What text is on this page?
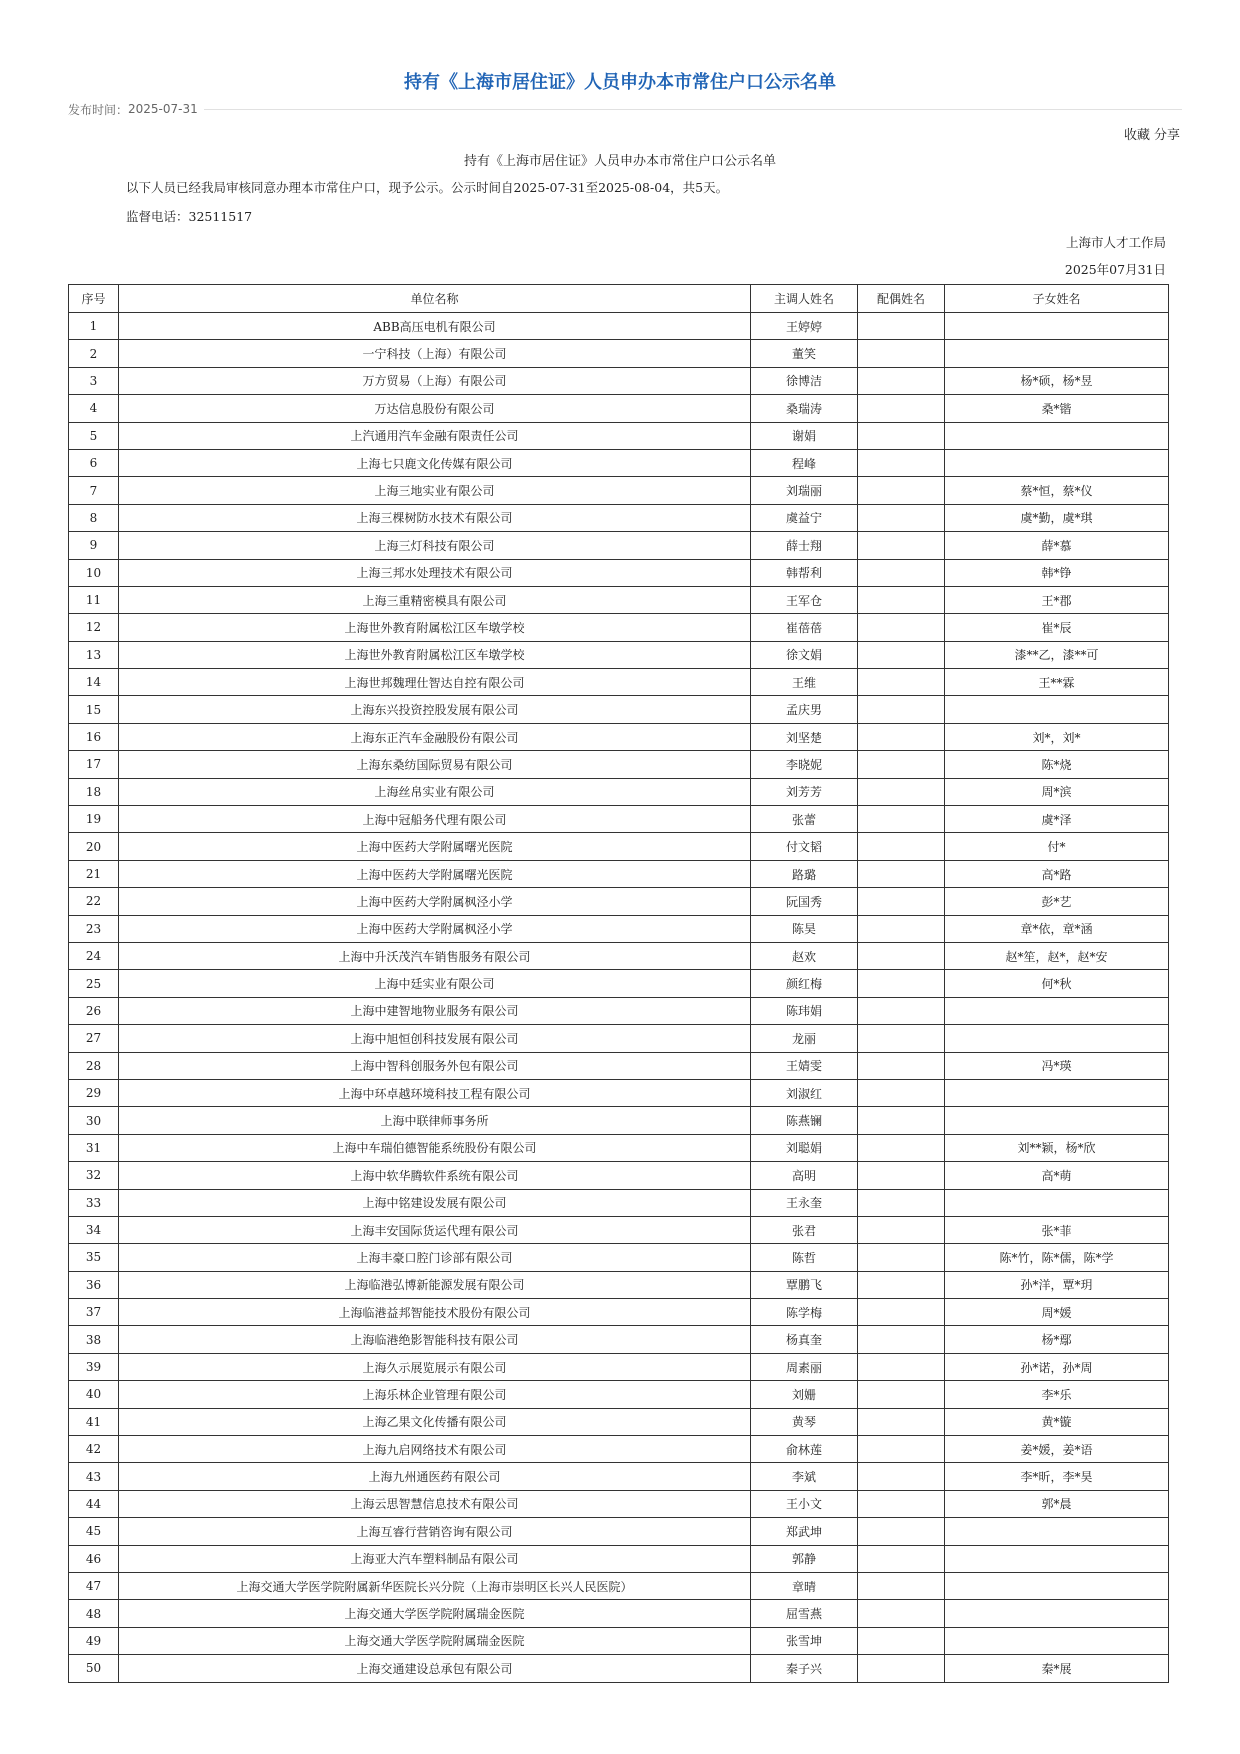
持有《上海市居住证》人员申办本市常住户口公示名单
发布时间： 2025-07-31
收藏 分享
持有《上海市居住证》人员申办本市常住户口公示名单
以下人员已经我局审核同意办理本市常住户口，现予公示。公示时间自2025-07-31至2025-08-04，共5天。
监督电话：32511517
上海市人才工作局
2025年07月31日
序号	单位名称	主调人姓名	配偶姓名	子女姓名
1	ABB高压电机有限公司	王婷婷		
2	一宁科技（上海）有限公司	董笑		
3	万方贸易（上海）有限公司	徐博洁		杨*硕，杨*昱
4	万达信息股份有限公司	桑瑞涛		桑*锴
5	上汽通用汽车金融有限责任公司	谢娟		
6	上海七只鹿文化传媒有限公司	程峰		
7	上海三地实业有限公司	刘瑞丽		蔡*恒，蔡*仪
8	上海三棵树防水技术有限公司	虞益宁		虞*勤，虞*琪
9	上海三灯科技有限公司	薛士翔		薛*慕
10	上海三邦水处理技术有限公司	韩帮利		韩*铮
11	上海三重精密模具有限公司	王军仓		王*郡
12	上海世外教育附属松江区车墩学校	崔蓓蓓		崔*辰
13	上海世外教育附属松江区车墩学校	徐文娟		漆**乙，漆**可
14	上海世邦魏理仕智达自控有限公司	王维		王**霖
15	上海东兴投资控股发展有限公司	孟庆男		
16	上海东正汽车金融股份有限公司	刘坚楚		刘*，刘*
17	上海东桑纺国际贸易有限公司	李晓妮		陈*烧
18	上海丝帛实业有限公司	刘芳芳		周*滨
19	上海中冠船务代理有限公司	张蕾		虞*泽
20	上海中医药大学附属曙光医院	付文韬		付*
21	上海中医药大学附属曙光医院	路璐		高*路
22	上海中医药大学附属枫泾小学	阮国秀		彭*艺
23	上海中医药大学附属枫泾小学	陈昊		章*依，章*涵
24	上海中升沃茂汽车销售服务有限公司	赵欢		赵*笙，赵*，赵*安
25	上海中廷实业有限公司	颜红梅		何*秋
26	上海中建智地物业服务有限公司	陈玮娟		
27	上海中旭恒创科技发展有限公司	龙丽		
28	上海中智科创服务外包有限公司	王婧雯		冯*瑛
29	上海中环卓越环境科技工程有限公司	刘淑红		
30	上海中联律师事务所	陈燕镧		
31	上海中车瑞伯德智能系统股份有限公司	刘聪娟		刘**颖，杨*欣
32	上海中软华腾软件系统有限公司	高明		高*萌
33	上海中铭建设发展有限公司	王永奎		
34	上海丰安国际货运代理有限公司	张君		张*菲
35	上海丰豪口腔门诊部有限公司	陈哲		陈*竹，陈*儒，陈*学
36	上海临港弘博新能源发展有限公司	覃鹏飞		孙*洋，覃*玥
37	上海临港益邦智能技术股份有限公司	陈学梅		周*媛
38	上海临港绝影智能科技有限公司	杨真奎		杨*鄢
39	上海久示展览展示有限公司	周素丽		孙*诺，孙*周
40	上海乐林企业管理有限公司	刘姗		李*乐
41	上海乙果文化传播有限公司	黄琴		黄*镟
42	上海九启网络技术有限公司	俞林莲		姜*媛，姜*语
43	上海九州通医药有限公司	李斌		李*昕，李*昊
44	上海云思智慧信息技术有限公司	王小文		郭*晨
45	上海互睿行营销咨询有限公司	郑武坤		
46	上海亚大汽车塑料制品有限公司	郭静		
47	上海交通大学医学院附属新华医院长兴分院（上海市崇明区长兴人民医院）	章晴		
48	上海交通大学医学院附属瑞金医院	屈雪燕		
49	上海交通大学医学院附属瑞金医院	张雪坤		
50	上海交通建设总承包有限公司	秦子兴		秦*展
